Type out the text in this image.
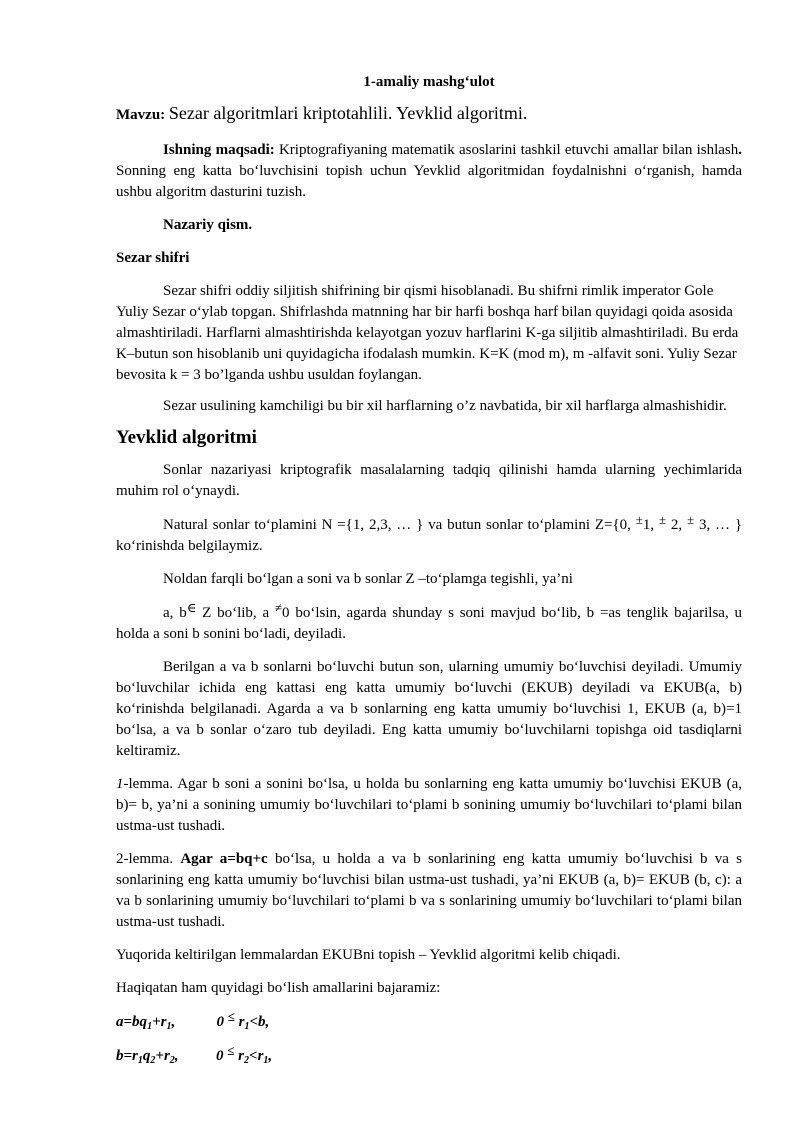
1-amaliy mashg‘ulot

Mavzu: Sezar algoritmlari kriptotahlili. Yevklid algoritmi.

Ishning maqsadi: Kriptografiyaning matematik asoslarini tashkil etuvchi amallar bilan ishlash. Sonning eng katta bo‘luvchisini topish uchun Yevklid algoritmidan foydalnishni o‘rganish, hamda ushbu algoritm dasturini tuzish.

Nazariy qism.

Sezar shifri

Sezar shifri oddiy siljitish shifrining bir qismi hisoblanadi. Bu shifrni rimlik imperator Gole Yuliy Sezar o‘ylab topgan. Shifrlashda matnning har bir harfi boshqa harf bilan quyidagi qoida asosida almashtiriladi. Harflarni almashtirishda kelayotgan yozuv harflarini K-ga siljitib almashtiriladi. Bu erda K–butun son hisoblanib uni quyidagicha ifodalash mumkin. K=K (mod m), m -alfavit soni. Yuliy Sezar bevosita k = 3 bo’lganda ushbu usuldan foylangan.

Sezar usulining kamchiligi bu bir xil harflarning o’z navbatida, bir xil harflarga almashishidir.

Yevklid algoritmi

Sonlar nazariyasi kriptografik masalalarning tadqiq qilinishi hamda ularning yechimlarida muhim rol o‘ynaydi.

Natural sonlar to‘plamini N ={1, 2,3, … } va butun sonlar to‘plamini Z={0, ±1, ± 2, ± 3, … } ko‘rinishda belgilaymiz.

Noldan farqli bo‘lgan a soni va b sonlar Z –to‘plamga tegishli, ya’ni

a, b∈ Z bo‘lib, a ≠0 bo‘lsin, agarda shunday s soni mavjud bo‘lib, b =as tenglik bajarilsa, u holda a soni b sonini bo‘ladi, deyiladi.

Berilgan a va b sonlarni bo‘luvchi butun son, ularning umumiy bo‘luvchisi deyiladi. Umumiy bo‘luvchilar ichida eng kattasi eng katta umumiy bo‘luvchi (EKUB) deyiladi va EKUB(a, b) ko‘rinishda belgilanadi. Agarda a va b sonlarning eng katta umumiy bo‘luvchisi 1, EKUB (a, b)=1 bo‘lsa, a va b sonlar o‘zaro tub deyiladi. Eng katta umumiy bo‘luvchilarni topishga oid tasdiqlarni keltiramiz.

1-lemma. Agar b soni a sonini bo‘lsa, u holda bu sonlarning eng katta umumiy bo‘luvchisi EKUB (a, b)= b, ya’ni a sonining umumiy bo‘luvchilari to‘plami b sonining umumiy bo‘luvchilari to‘plami bilan ustma-ust tushadi.

2-lemma. Agar a=bq+c bo‘lsa, u holda a va b sonlarining eng katta umumiy bo‘luvchisi b va s sonlarining eng katta umumiy bo‘luvchisi bilan ustma-ust tushadi, ya’ni EKUB (a, b)= EKUB (b, c): a va b sonlarining umumiy bo‘luvchilari to‘plami b va s sonlarining umumiy bo‘luvchilari to‘plami bilan ustma-ust tushadi.

Yuqorida keltirilgan lemmalardan EKUBni topish – Yevklid algoritmi kelib chiqadi.

Haqiqatan ham quyidagi bo‘lish amallarini bajaramiz:

$a=bq_1+r_1$,	$0 \le r_1<b$,

$b=r_1q_2+r_2$,	$0 \le r_2<r_1$,
